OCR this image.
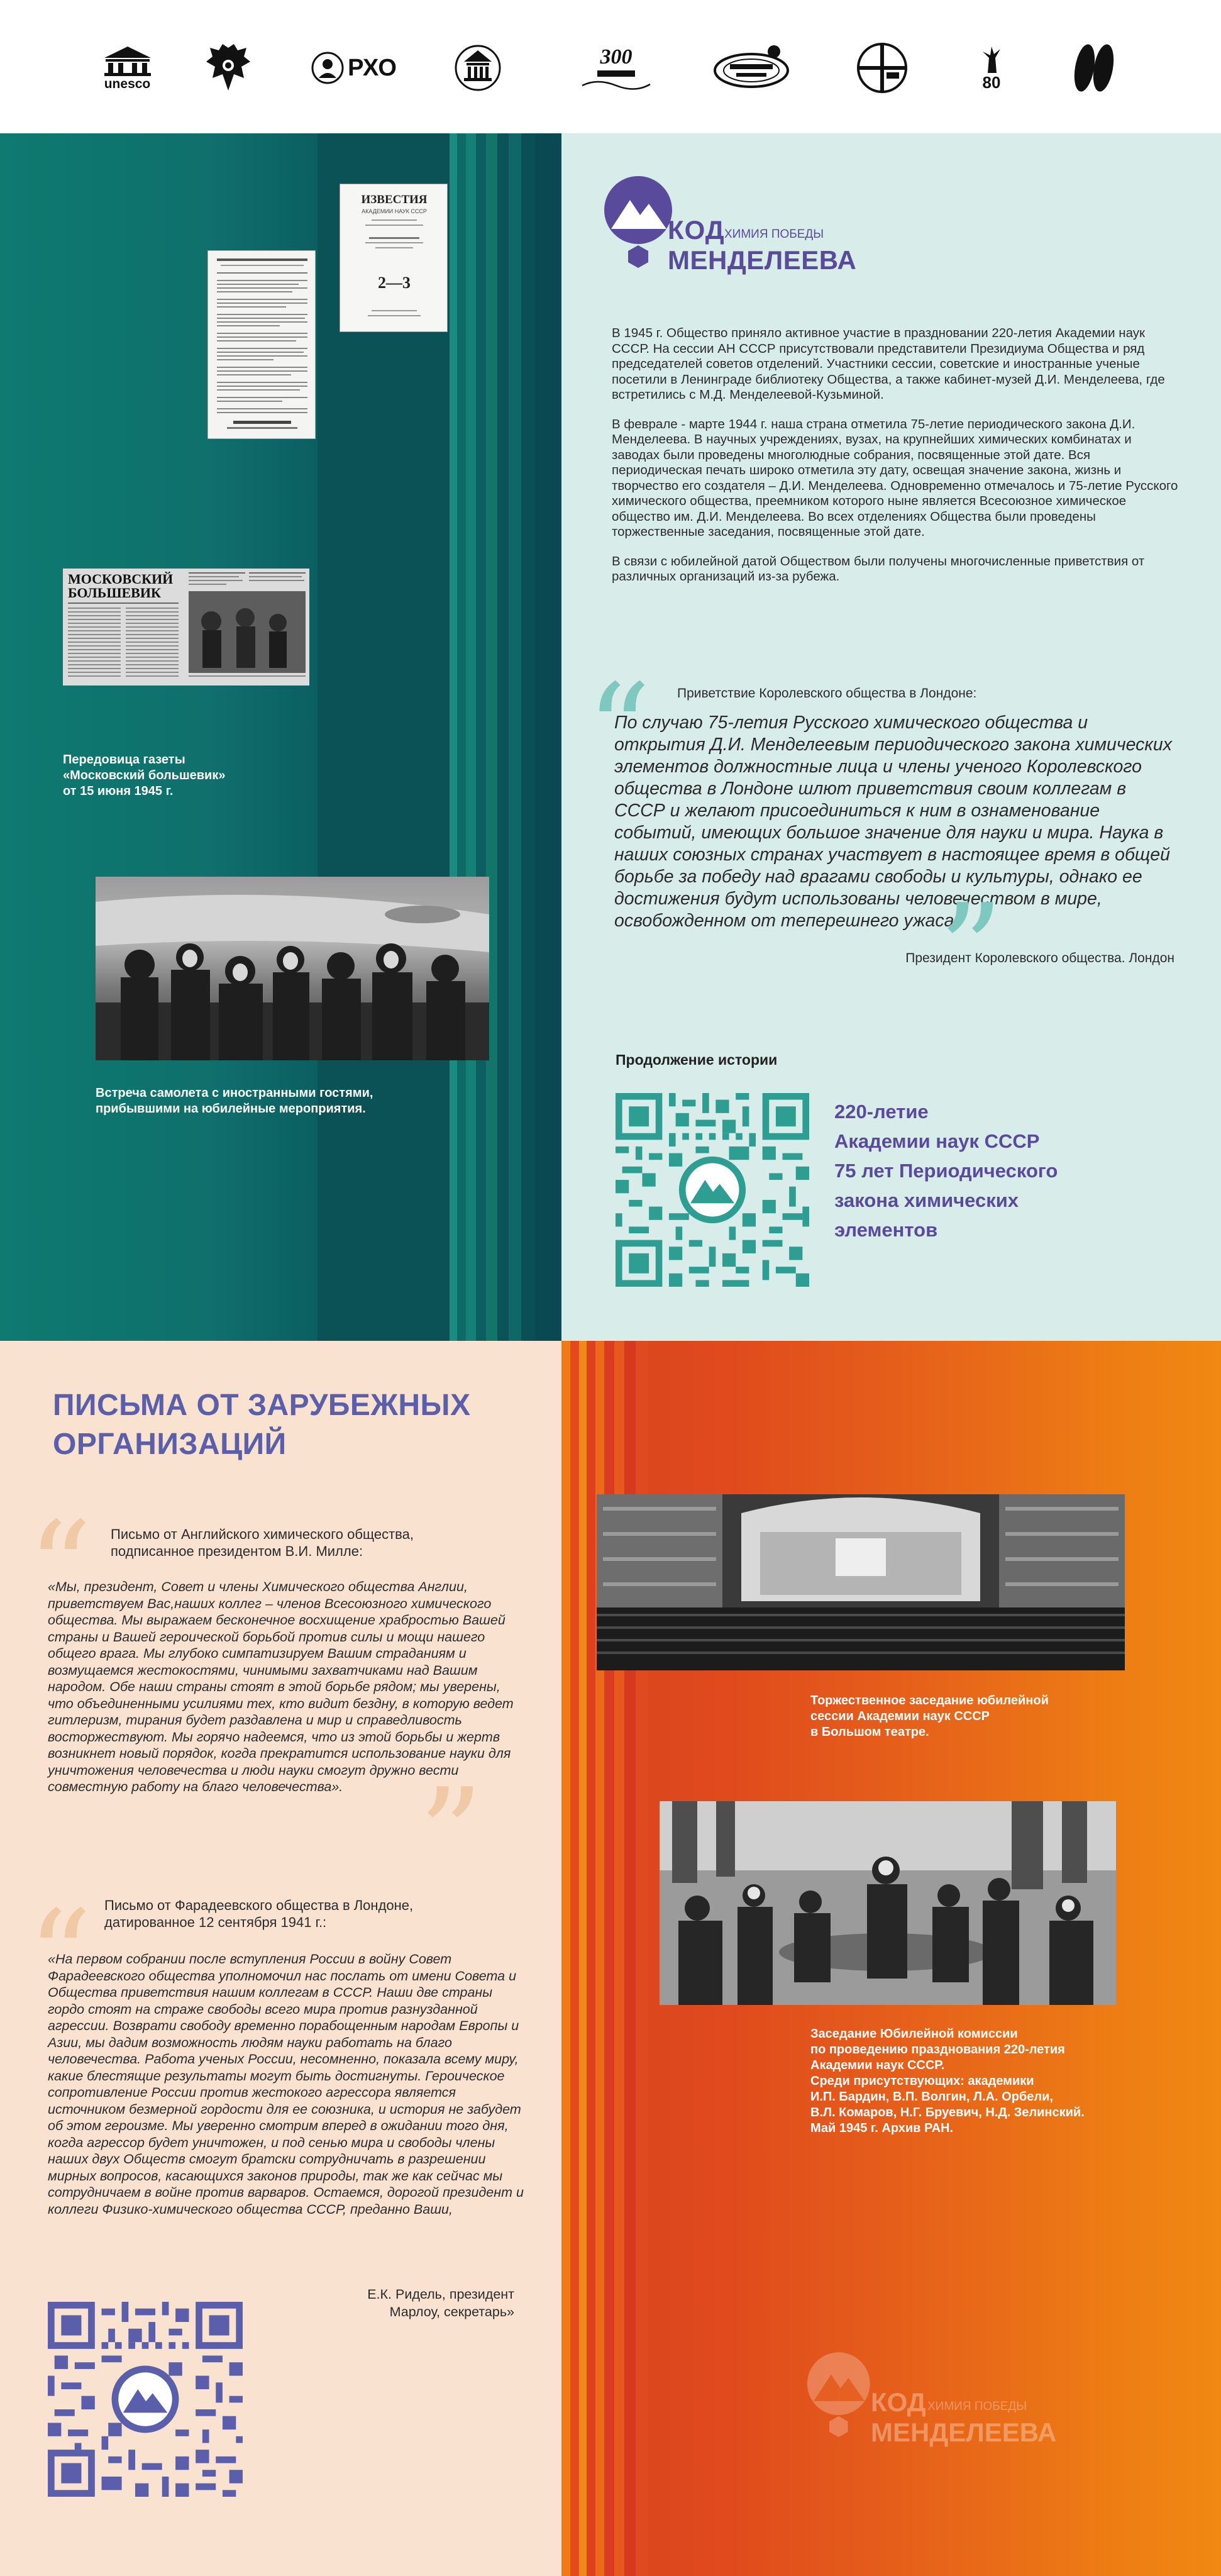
unesco
РХО	300
80
ИЗВЕСТИЯ
АКАДЕМИИ НАУК СССР
2—3
МОСКОВСКИЙ
БОЛЬШЕВИК
Передовица газеты
«Московский большевик»
от 15 июня 1945 г.
Встреча самолета с иностранными гостями,
прибывшими на юбилейные мероприятия.
КОД ХИМИЯ ПОБЕДЫ
МЕНДЕЛЕЕВА

В 1945 г. Общество приняло активное участие в праздновании 220-летия Академии наук СССР. На сессии АН СССР присутствовали представители Президиума Общества и ряд председателей советов отделений. Участники сессии, советские и иностранные ученые посетили в Ленинграде библиотеку Общества, а также кабинет-музей Д.И. Менделеева, где встретились с М.Д. Менделеевой-Кузьминой.

В феврале - марте 1944 г. наша страна отметила 75-летие периодического закона Д.И. Менделеева. В научных учреждениях, вузах, на крупнейших химических комбинатах и заводах были проведены многолюдные собрания, посвященные этой дате. Вся периодическая печать широко отметила эту дату, освещая значение закона, жизнь и творчество его создателя – Д.И. Менделеева. Одновременно отмечалось и 75-летие Русского химического общества, преемником которого ныне является Всесоюзное химическое общество им. Д.И. Менделеева. Во всех отделениях Общества были проведены торжественные заседания, посвященные этой дате.

В связи с юбилейной датой Обществом были получены многочисленные приветствия от различных организаций из-за рубежа.

“ Приветствие Королевского общества в Лондоне:
По случаю 75-летия Русского химического общества и открытия Д.И. Менделеевым периодического закона химических элементов должностные лица и члены ученого Королевского общества в Лондоне шлют приветствия своим коллегам в СССР и желают присоединиться к ним в ознаменование событий, имеющих большое значение для науки и мира. Наука в наших союзных странах участвует в настоящее время в общей борьбе за победу над врагами свободы и культуры, однако ее достижения будут использованы человечеством в мире, освобожденном от теперешнего ужаса.
”
Президент Королевского общества. Лондон
Продолжение истории
220-летие
Академии наук СССР
75 лет Периодического
закона химических
элементов
ПИСЬМА ОТ ЗАРУБЕЖНЫХ
ОРГАНИЗАЦИЙ
“ Письмо от Английского химического общества,
подписанное президентом В.И. Милле:
«Мы, президент, Совет и члены Химического общества Англии, приветствуем Вас,наших коллег – членов Всесоюзного химического общества. Мы выражаем бесконечное восхищение храбростью Вашей страны и Вашей героической борьбой против силы и мощи нашего общего врага. Мы глубоко симпатизируем Вашим страданиям и возмущаемся жестокостями, чинимыми захватчиками над Вашим народом. Обе наши страны стоят в этой борьбе рядом; мы уверены, что объединенными усилиями тех, кто видит бездну, в которую ведет гитлеризм, тирания будет раздавлена и мир и справедливость восторжествуют. Мы горячо надеемся, что из этой борьбы и жертв возникнет новый порядок, когда прекратится использование науки для уничтожения человечества и люди науки смогут дружно вести совместную работу на благо человечества». ”
“ Письмо от Фарадеевского общества в Лондоне,
датированное 12 сентября 1941 г.:
«На первом собрании после вступления России в войну Совет Фарадеевского общества уполномочил нас послать от имени Совета и Общества приветствия нашим коллегам в СССР. Наши две страны гордо стоят на страже свободы всего мира против разнузданной агрессии. Возврати свободу временно порабощенным народам Европы и Азии, мы дадим возможность людям науки работать на благо человечества. Работа ученых России, несомненно, показала всему миру, какие блестящие результаты могут быть достигнуты. Героическое сопротивление России против жестокого агрессора является источником безмерной гордости для ее союзника, и история не забудет об этом героизме. Мы уверенно смотрим вперед в ожидании того дня, когда агрессор будет уничтожен, и под сенью мира и свободы члены наших двух Обществ смогут братски сотрудничать в разрешении мирных вопросов, касающихся законов природы, так же как сейчас мы сотрудничаем в войне против варваров. Остаемся, дорогой президент и коллеги Физико-химического общества СССР, преданно Ваши,
Е.К. Ридель, президент
Марлоу, секретарь»
Торжественное заседание юбилейной
сессии Академии наук СССР
в Большом театре.
Заседание Юбилейной комиссии
по проведению празднования 220-летия
Академии наук СССР.
Среди присутствующих: академики
И.П. Бардин, В.П. Волгин, Л.А. Орбели,
В.Л. Комаров, Н.Г. Бруевич, Н.Д. Зелинский.
Май 1945 г. Архив РАН.
КОД ХИМИЯ ПОБЕДЫ
МЕНДЕЛЕЕВА
